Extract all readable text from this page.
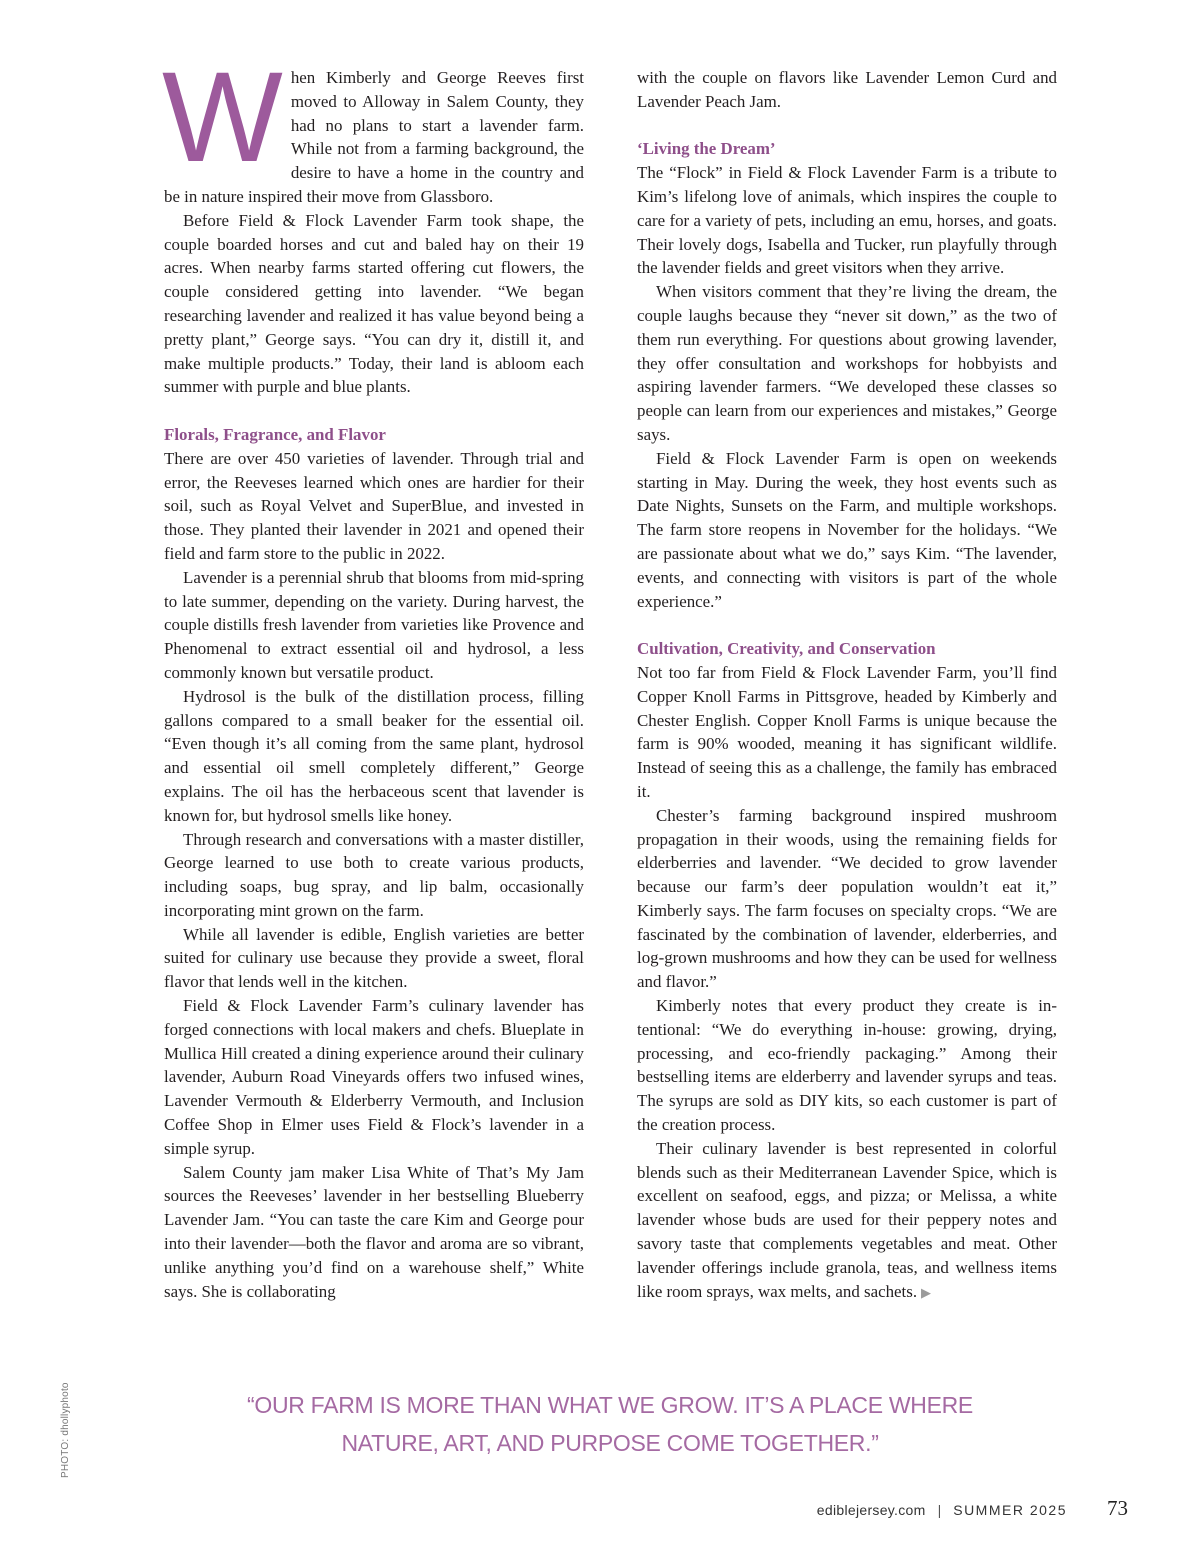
When Kimberly and George Reeves first moved to Alloway in Salem County, they had no plans to start a lavender farm. While not from a farming background, the desire to have a home in the country and be in nature inspired their move from Glassboro.

Before Field & Flock Lavender Farm took shape, the couple boarded horses and cut and baled hay on their 19 acres. When nearby farms started offering cut flowers, the couple considered getting into lavender. “We began researching lavender and realized it has value beyond being a pretty plant,” George says. “You can dry it, distill it, and make multiple products.” Today, their land is abloom each summer with purple and blue plants.

Florals, Fragrance, and Flavor

There are over 450 varieties of lavender. Through trial and error, the Reeveses learned which ones are hardier for their soil, such as Royal Velvet and SuperBlue, and invested in those. They planted their lavender in 2021 and opened their field and farm store to the public in 2022.

Lavender is a perennial shrub that blooms from mid-spring to late summer, depending on the variety. During harvest, the couple distills fresh lavender from varieties like Provence and Phenomenal to extract essential oil and hydrosol, a less commonly known but versatile product.

Hydrosol is the bulk of the distillation process, filling gallons compared to a small beaker for the essential oil. “Even though it’s all coming from the same plant, hydrosol and essential oil smell completely different,” George explains. The oil has the herbaceous scent that lavender is known for, but hydrosol smells like honey.

Through research and conversations with a master distiller, George learned to use both to create various products, including soaps, bug spray, and lip balm, occasionally incorporating mint grown on the farm.

While all lavender is edible, English varieties are better suited for culinary use because they provide a sweet, floral flavor that lends well in the kitchen.

Field & Flock Lavender Farm’s culinary lavender has forged connections with local makers and chefs. Blueplate in Mullica Hill created a dining experience around their culinary lavender, Auburn Road Vineyards offers two infused wines, Lavender Vermouth & Elderberry Vermouth, and Inclusion Coffee Shop in Elmer uses Field & Flock’s lavender in a simple syrup.

Salem County jam maker Lisa White of That’s My Jam sources the Reeveses’ lavender in her bestselling Blueberry Lavender Jam. “You can taste the care Kim and George pour into their lavender—both the flavor and aroma are so vibrant, unlike anything you’d find on a warehouse shelf,” White says. She is collaborating

with the couple on flavors like Lavender Lemon Curd and Lavender Peach Jam.

‘Living the Dream’

The “Flock” in Field & Flock Lavender Farm is a tribute to Kim’s lifelong love of animals, which inspires the couple to care for a variety of pets, including an emu, horses, and goats. Their lovely dogs, Isabella and Tucker, run playfully through the lavender fields and greet visitors when they arrive.

When visitors comment that they’re living the dream, the couple laughs because they “never sit down,” as the two of them run everything. For questions about growing lavender, they offer consultation and workshops for hobbyists and aspiring lavender farmers. “We developed these classes so people can learn from our experiences and mistakes,” George says.

Field & Flock Lavender Farm is open on weekends starting in May. During the week, they host events such as Date Nights, Sunsets on the Farm, and multiple workshops. The farm store reopens in November for the holidays. “We are passionate about what we do,” says Kim. “The lavender, events, and connecting with visitors is part of the whole experience.”

Cultivation, Creativity, and Conservation

Not too far from Field & Flock Lavender Farm, you’ll find Copper Knoll Farms in Pittsgrove, headed by Kimberly and Chester English. Copper Knoll Farms is unique because the farm is 90% wooded, meaning it has significant wildlife. Instead of seeing this as a challenge, the family has embraced it.

Chester’s farming background inspired mushroom propagation in their woods, using the remaining fields for elderberries and lavender. “We decided to grow lavender because our farm’s deer population wouldn’t eat it,” Kimberly says. The farm focuses on specialty crops. “We are fascinated by the combination of lavender, elderberries, and log-grown mushrooms and how they can be used for wellness and flavor.”

Kimberly notes that every product they create is intentional: “We do everything in-house: growing, drying, processing, and eco-friendly packaging.” Among their bestselling items are elderberry and lavender syrups and teas. The syrups are sold as DIY kits, so each customer is part of the creation process.

Their culinary lavender is best represented in colorful blends such as their Mediterranean Lavender Spice, which is excellent on seafood, eggs, and pizza; or Melissa, a white lavender whose buds are used for their peppery notes and savory taste that complements vegetables and meat. Other lavender offerings include granola, teas, and wellness items like room sprays, wax melts, and sachets. ▶

“OUR FARM IS MORE THAN WHAT WE GROW. IT’S A PLACE WHERE
NATURE, ART, AND PURPOSE COME TOGETHER.”
PHOTO: dhollyphoto
ediblejersey.com | SUMMER 2025 73
